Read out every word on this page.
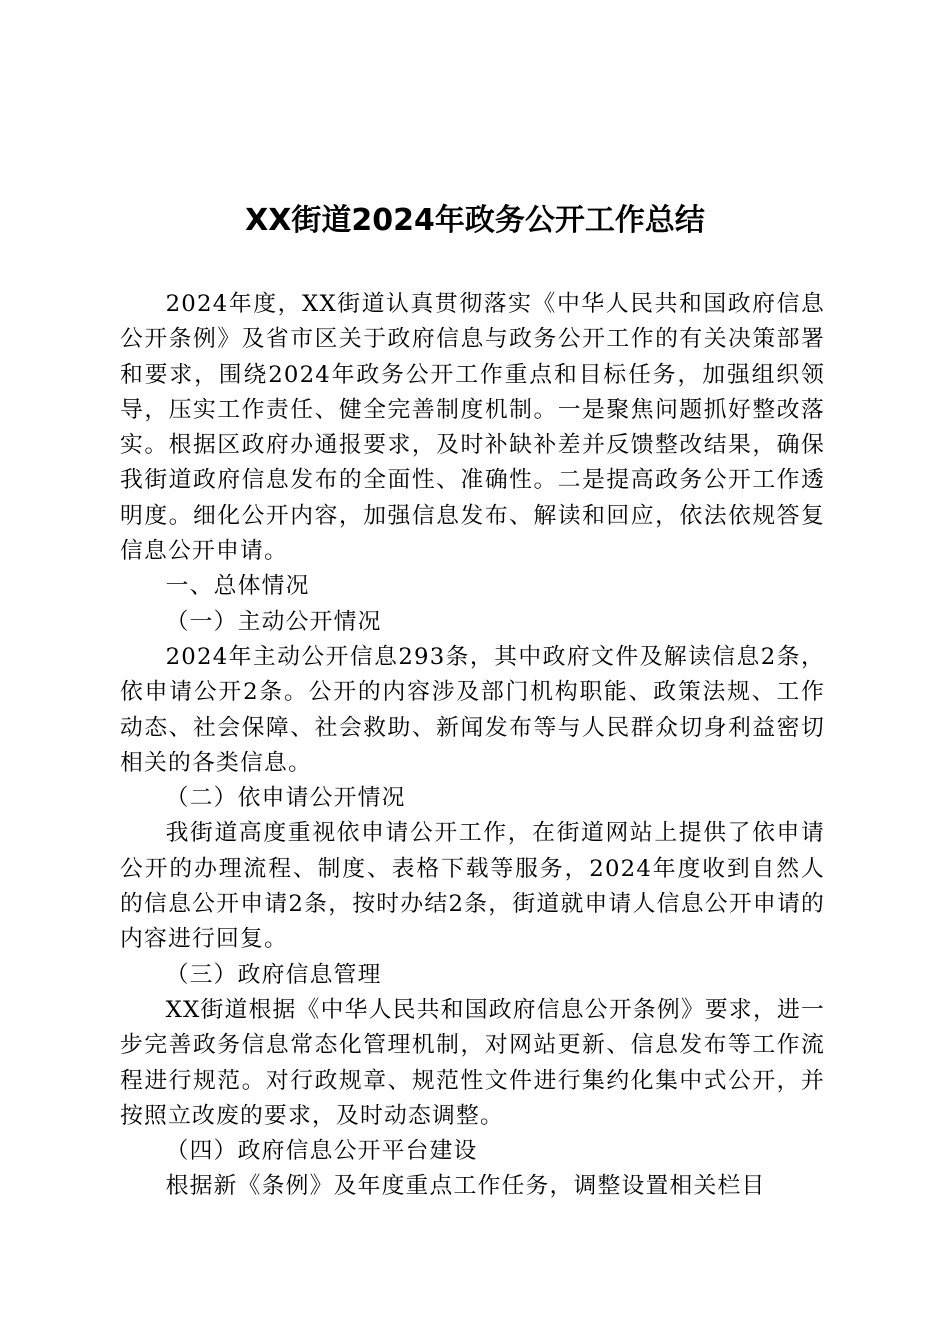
XX街道2024年政务公开工作总结

2024年度，XX街道认真贯彻落实《中华人民共和国政府信息公开条例》及省市区关于政府信息与政务公开工作的有关决策部署和要求，围绕2024年政务公开工作重点和目标任务，加强组织领导，压实工作责任、健全完善制度机制。一是聚焦问题抓好整改落实。根据区政府办通报要求，及时补缺补差并反馈整改结果，确保我街道政府信息发布的全面性、准确性。二是提高政务公开工作透明度。细化公开内容，加强信息发布、解读和回应，依法依规答复信息公开申请。

一、总体情况

（一）主动公开情况

2024年主动公开信息293条，其中政府文件及解读信息2条，依申请公开2条。公开的内容涉及部门机构职能、政策法规、工作动态、社会保障、社会救助、新闻发布等与人民群众切身利益密切相关的各类信息。

（二）依申请公开情况

我街道高度重视依申请公开工作，在街道网站上提供了依申请公开的办理流程、制度、表格下载等服务，2024年度收到自然人的信息公开申请2条，按时办结2条，街道就申请人信息公开申请的内容进行回复。

（三）政府信息管理

XX街道根据《中华人民共和国政府信息公开条例》要求，进一步完善政务信息常态化管理机制，对网站更新、信息发布等工作流程进行规范。对行政规章、规范性文件进行集约化集中式公开，并按照立改废的要求，及时动态调整。

（四）政府信息公开平台建设

根据新《条例》及年度重点工作任务，调整设置相关栏目
